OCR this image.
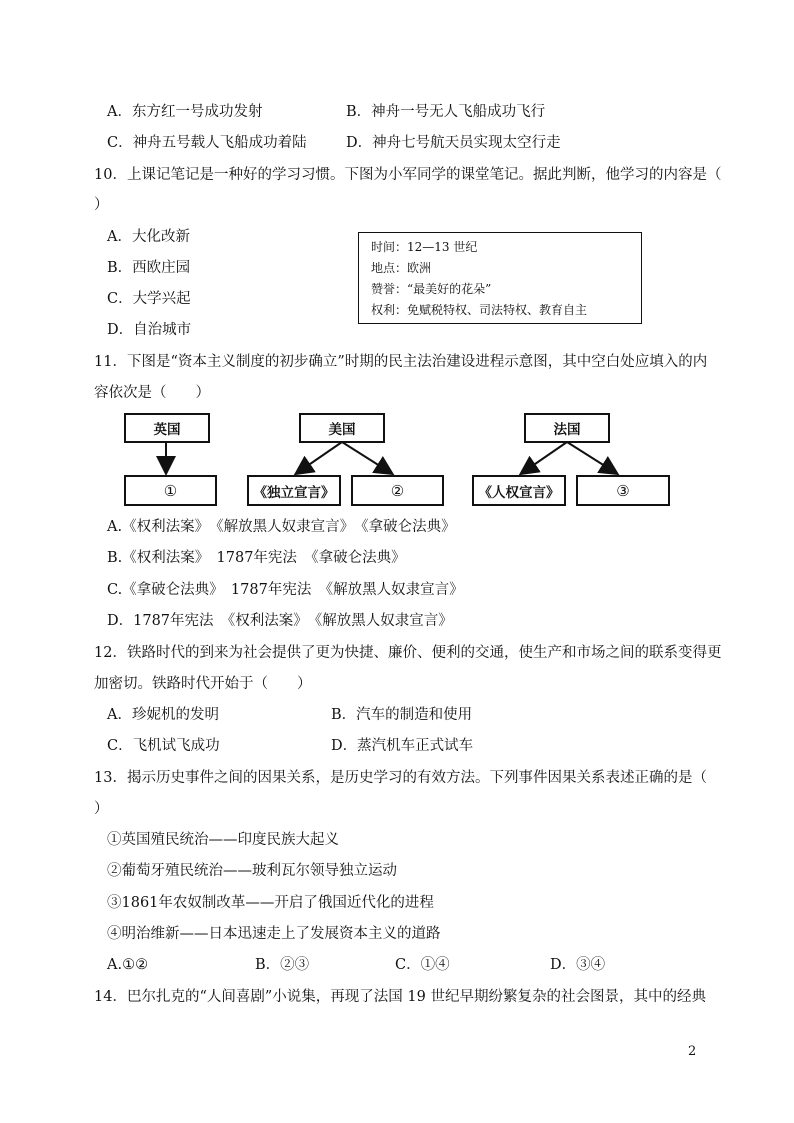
A．东方红一号成功发射	B．神舟一号无人飞船成功飞行
C．神舟五号载人飞船成功着陆	D．神舟七号航天员实现太空行走
10．上课记笔记是一种好的学习习惯。下图为小军同学的课堂笔记。据此判断，他学习的内容是（
）
A．大化改新
B．西欧庄园
C．大学兴起
D．自治城市
时间：12—13 世纪
地点：欧洲
赞誉：“最美好的花朵”
权利：免赋税特权、司法特权、教育自主
11．下图是“资本主义制度的初步确立”时期的民主法治建设进程示意图，其中空白处应填入的内
容依次是（　　）
英国	美国	法国
①	《独立宣言》	②	《人权宣言》	③
A.《权利法案》　《解放黑人奴隶宣言》　《拿破仑法典》
B.《权利法案》　1787年宪法　《拿破仑法典》
C.《拿破仑法典》　1787年宪法　《解放黑人奴隶宣言》
D．1787年宪法　《权利法案》　《解放黑人奴隶宣言》
12．铁路时代的到来为社会提供了更为快捷、廉价、便利的交通，使生产和市场之间的联系变得更
加密切。铁路时代开始于（　　）
A．珍妮机的发明	B．汽车的制造和使用
C．飞机试飞成功	D．蒸汽机车正式试车
13．揭示历史事件之间的因果关系，是历史学习的有效方法。下列事件因果关系表述正确的是（
）
①英国殖民统治——印度民族大起义
②葡萄牙殖民统治——玻利瓦尔领导独立运动
③1861年农奴制改革——开启了俄国近代化的进程
④明治维新——日本迅速走上了发展资本主义的道路
A.①②	B．②③	C．①④	D．③④
14．巴尔扎克的“人间喜剧”小说集，再现了法国 19 世纪早期纷繁复杂的社会图景，其中的经典
2
